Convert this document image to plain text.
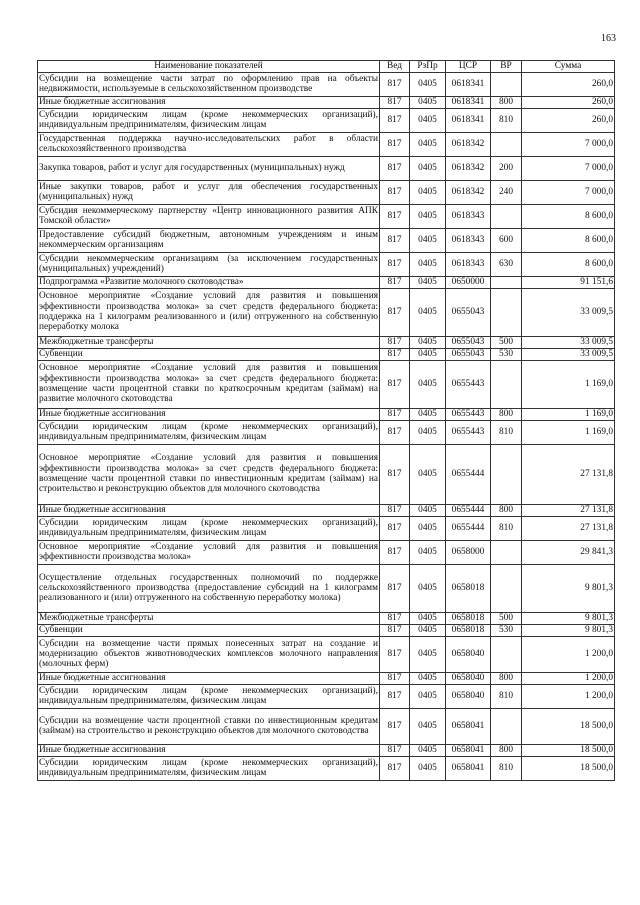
163
Наименование показателей	Вед	РзПр	ЦСР	ВР	Сумма
Субсидии на возмещение части затрат по оформлению прав на объекты недвижимости, используемые в сельскохозяйственном производстве	817	0405	0618341		260,0
Иные бюджетные ассигнования	817	0405	0618341	800	260,0
Субсидии юридическим лицам (кроме некоммерческих организаций), индивидуальным предпринимателям, физическим лицам	817	0405	0618341	810	260,0
Государственная поддержка научно-исследовательских работ в области сельскохозяйственного производства	817	0405	0618342		7 000,0
Закупка товаров, работ и услуг для государственных (муниципальных) нужд	817	0405	0618342	200	7 000,0
Иные закупки товаров, работ и услуг для обеспечения государственных (муниципальных) нужд	817	0405	0618342	240	7 000,0
Субсидия некоммерческому партнерству «Центр инновационного развития АПК Томской области»	817	0405	0618343		8 600,0
Предоставление субсидий бюджетным, автономным учреждениям и иным некоммерческим организациям	817	0405	0618343	600	8 600,0
Субсидии некоммерческим организациям (за исключением государственных (муниципальных) учреждений)	817	0405	0618343	630	8 600,0
Подпрограмма «Развитие молочного скотоводства»	817	0405	0650000		91 151,6
Основное мероприятие «Создание условий для развития и повышения эффективности производства молока» за счет средств федерального бюджета: поддержка на 1 килограмм реализованного и (или) отгруженного на собственную переработку молока	817	0405	0655043		33 009,5
Межбюджетные трансферты	817	0405	0655043	500	33 009,5
Субвенции	817	0405	0655043	530	33 009,5
Основное мероприятие «Создание условий для развития и повышения эффективности производства молока» за счет средств федерального бюджета: возмещение части процентной ставки по краткосрочным кредитам (займам) на развитие молочного скотоводства	817	0405	0655443		1 169,0
Иные бюджетные ассигнования	817	0405	0655443	800	1 169,0
Субсидии юридическим лицам (кроме некоммерческих организаций), индивидуальным предпринимателям, физическим лицам	817	0405	0655443	810	1 169,0
Основное мероприятие «Создание условий для развития и повышения эффективности производства молока» за счет средств федерального бюджета: возмещение части процентной ставки по инвестиционным кредитам (займам) на строительство и реконструкцию объектов для молочного скотоводства	817	0405	0655444		27 131,8
Иные бюджетные ассигнования	817	0405	0655444	800	27 131,8
Субсидии юридическим лицам (кроме некоммерческих организаций), индивидуальным предпринимателям, физическим лицам	817	0405	0655444	810	27 131,8
Основное мероприятие «Создание условий для развития и повышения эффективности производства молока»	817	0405	0658000		29 841,3
Осуществление отдельных государственных полномочий по поддержке сельскохозяйственного производства (предоставление субсидий на 1 килограмм реализованного и (или) отгруженного на собственную переработку молока)	817	0405	0658018		9 801,3
Межбюджетные трансферты	817	0405	0658018	500	9 801,3
Субвенции	817	0405	0658018	530	9 801,3
Субсидии на возмещение части прямых понесенных затрат на создание и модернизацию объектов животноводческих комплексов молочного направления (молочных ферм)	817	0405	0658040		1 200,0
Иные бюджетные ассигнования	817	0405	0658040	800	1 200,0
Субсидии юридическим лицам (кроме некоммерческих организаций), индивидуальным предпринимателям, физическим лицам	817	0405	0658040	810	1 200,0
Субсидии на возмещение части процентной ставки по инвестиционным кредитам (займам) на строительство и реконструкцию объектов для молочного скотоводства	817	0405	0658041		18 500,0
Иные бюджетные ассигнования	817	0405	0658041	800	18 500,0
Субсидии юридическим лицам (кроме некоммерческих организаций), индивидуальным предпринимателям, физическим лицам	817	0405	0658041	810	18 500,0
